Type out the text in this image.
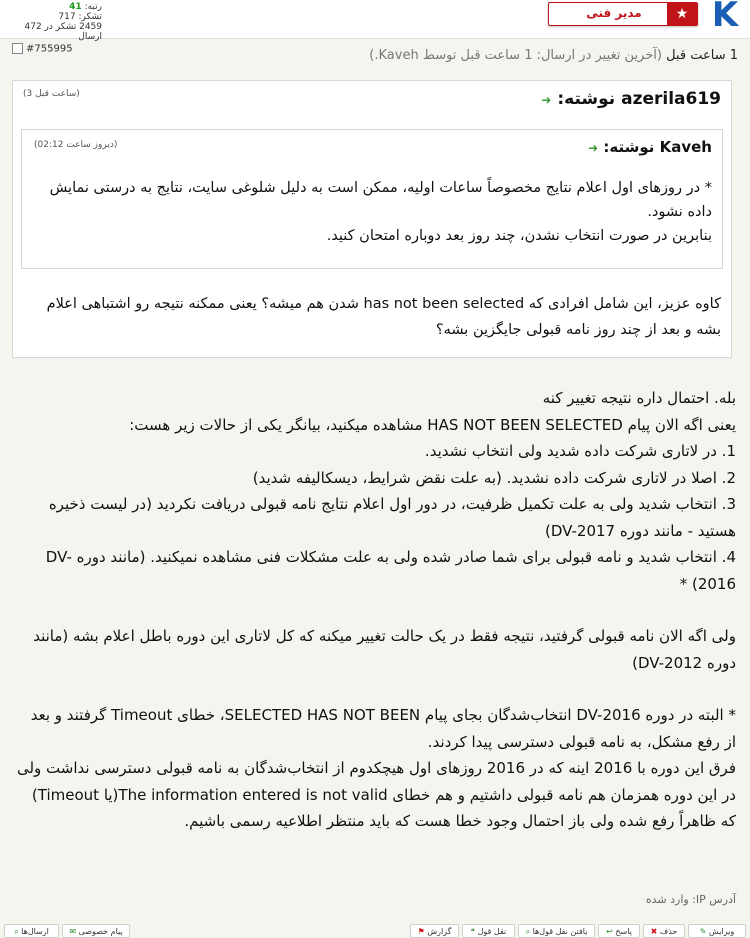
رتبه: 41
تشکر: 717
2459 تشکر در 472 ارسال
مدیر فنی	★ K
#755995	1 ساعت قبل (آخرین تغییر در ارسال: 1 ساعت قبل توسط Kaveh.)
(3 ساعت قبل)	azerila619 نوشته: ➜
(دیروز ساعت 02:12)	Kaveh نوشته: ➜
* در روزهای اول اعلام نتایج مخصوصاً ساعات اولیه، ممکن است به دلیل شلوغی سایت، نتایج به درستی نمایش داده نشود.
بنابرین در صورت انتخاب نشدن، چند روز بعد دوباره امتحان کنید.
کاوه عزیز، این شامل افرادی که has not been selected شدن هم میشه؟ یعنی ممکنه نتیجه رو اشتباهی اعلام بشه و بعد از چند روز نامه قبولی جایگزین بشه؟

بله. احتمال داره نتیجه تغییر کنه

یعنی اگه الان پیام HAS NOT BEEN SELECTED مشاهده میکنید، بیانگر یکی از حالات زیر هست:

1. در لاتاری شرکت داده شدید ولی انتخاب نشدید.

2. اصلا در لاتاری شرکت داده نشدید. (به علت نقض شرایط، دیسکالیفه شدید)

3. انتخاب شدید ولی به علت تکمیل ظرفیت، در دور اول اعلام نتایج نامه قبولی دریافت نکردید (در لیست ذخیره هستید - مانند دوره DV-2017)

4. انتخاب شدید و نامه قبولی برای شما صادر شده ولی به علت مشکلات فنی مشاهده نمیکنید. (مانند دوره DV-2016) *

ولی اگه الان نامه قبولی گرفتید، نتیجه فقط در یک حالت تغییر میکنه که کل لاتاری این دوره باطل اعلام بشه (مانند دوره DV-2012)

* البته در دوره DV-2016 انتخاب‌شدگان بجای پیام SELECTED HAS NOT BEEN، خطای Timeout گرفتند و بعد از رفع مشکل، به نامه قبولی دسترسی پیدا کردند.

فرق این دوره با 2016 اینه که در 2016 روزهای اول هیچکدوم از انتخاب‌شدگان به نامه قبولی دسترسی نداشت ولی در این دوره همزمان هم نامه قبولی داشتیم و هم خطای The information entered is not valid(یا Timeout) که ظاهراً رفع شده ولی باز احتمال وجود خطا هست که باید منتظر اطلاعیه رسمی باشیم.

آدرس IP: وارد شده
✎ ویرایش
✖ حذف
↩ پاسخ
⌕ یافتن نقل قول‌ها
❝ نقل قول
⚑ گزارش
✉ پیام خصوصی
⌕ ارسال‌ها
